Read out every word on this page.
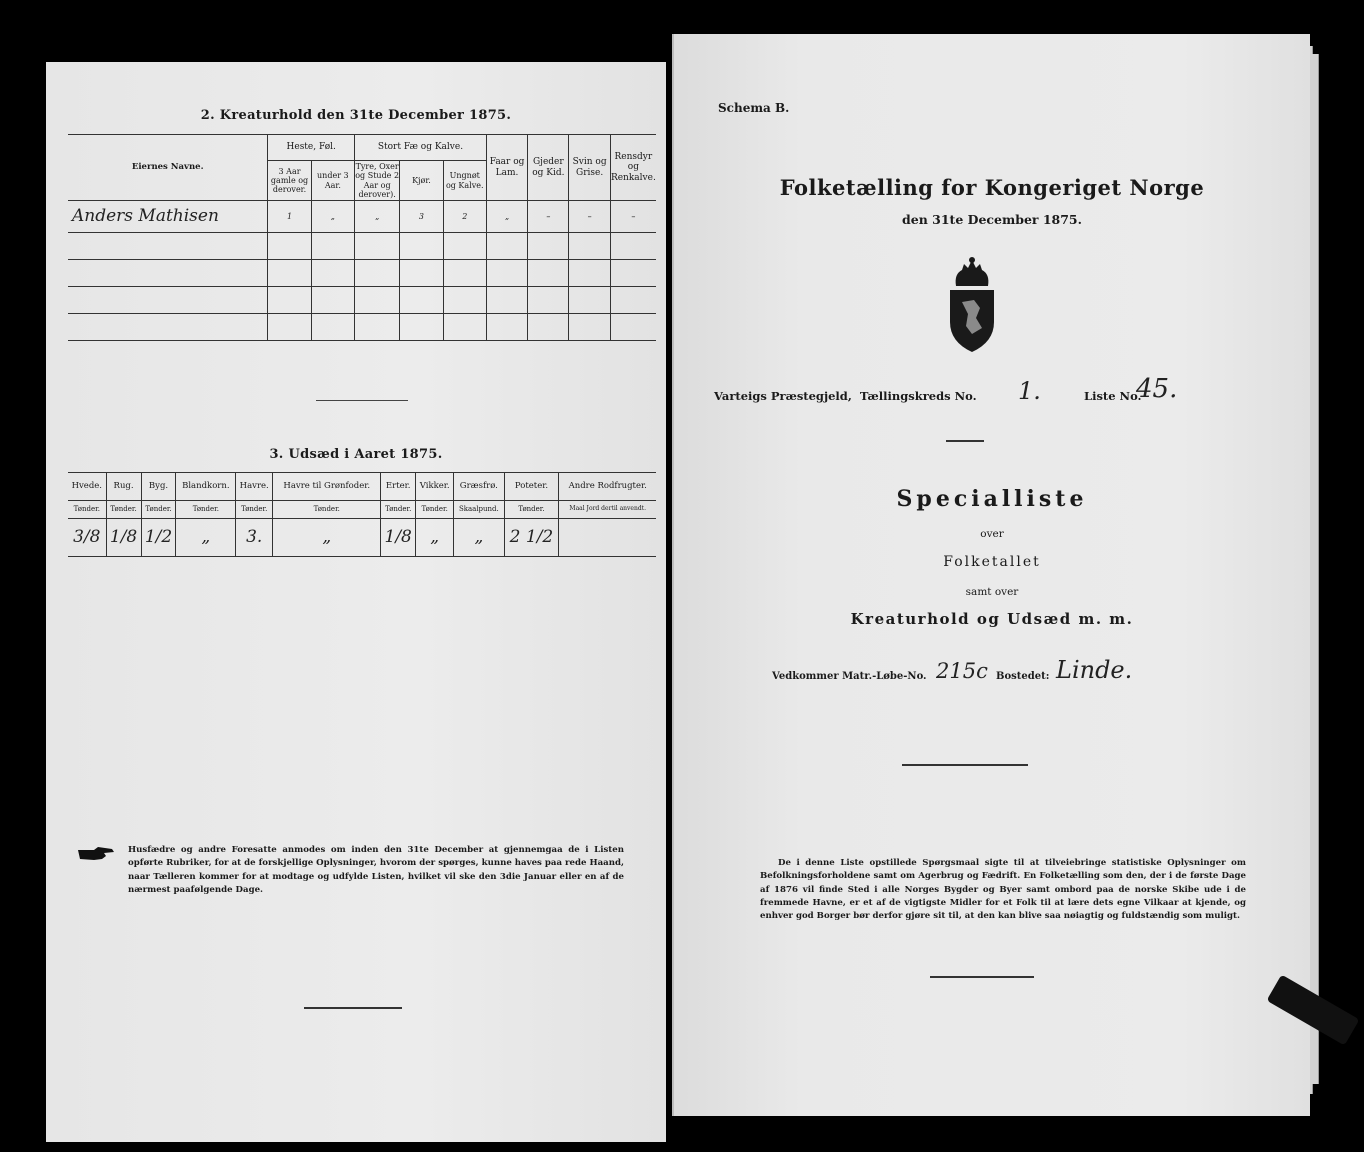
2. Kreaturhold den 31te December 1875.
Eiernes Navne.	Heste, Føl.		Stort Fæ og Kalve.			Faar og Lam.	Gjeder og Kid.	Svin og Grise.	Rensdyr og Renkalve.
	3 Aar gamle og derover.	under 3 Aar.	Tyre, Oxer og Stude 2 Aar og derover).	Kjør.	Ungnøt og Kalve.				
Anders Mathisen	1	„	„	3	2	„	–	–	–

3. Udsæd i Aaret 1875.
Hvede.	Rug.	Byg.	Blandkorn.	Havre.	Havre til Grønfoder.	Erter.	Vikker.	Græsfrø.	Poteter.	Andre Rodfrugter.
Tønder.	Tønder.	Tønder.	Tønder.	Tønder.	Tønder.	Tønder.	Tønder.	Skaalpund.	Tønder.	Maal Jord dertil anvendt.
3/8	1/8	1/2	„	3.	„	1/8	„	„	2 1/2	
Husfædre og andre Foresatte anmodes om inden den 31te December at gjennemgaa de i Listen opførte Rubriker, for at de forskjellige Oplysninger, hvorom der spørges, kunne haves paa rede Haand, naar Tælleren kommer for at modtage og udfylde Listen, hvilket vil ske den 3die Januar eller en af de nærmest paafølgende Dage.
Schema B.
Folketælling for Kongeriget Norge
den 31te December 1875.
Varteigs Præstegjeld, Tællingskreds No. 1.	Liste No.
45.
Specialliste
over
Folketallet
samt over
Kreaturhold og Udsæd m. m.
Vedkommer Matr.-Løbe-No. 215c Bostedet: Linde.
De i denne Liste opstillede Spørgsmaal sigte til at tilveiebringe statistiske Oplysninger om Befolkningsforholdene samt om Agerbrug og Fædrift. En Folketælling som den, der i de første Dage af 1876 vil finde Sted i alle Norges Bygder og Byer samt ombord paa de norske Skibe ude i de fremmede Havne, er et af de vigtigste Midler for et Folk til at lære dets egne Vilkaar at kjende, og enhver god Borger bør derfor gjøre sit til, at den kan blive saa nøiagtig og fuldstændig som muligt.
